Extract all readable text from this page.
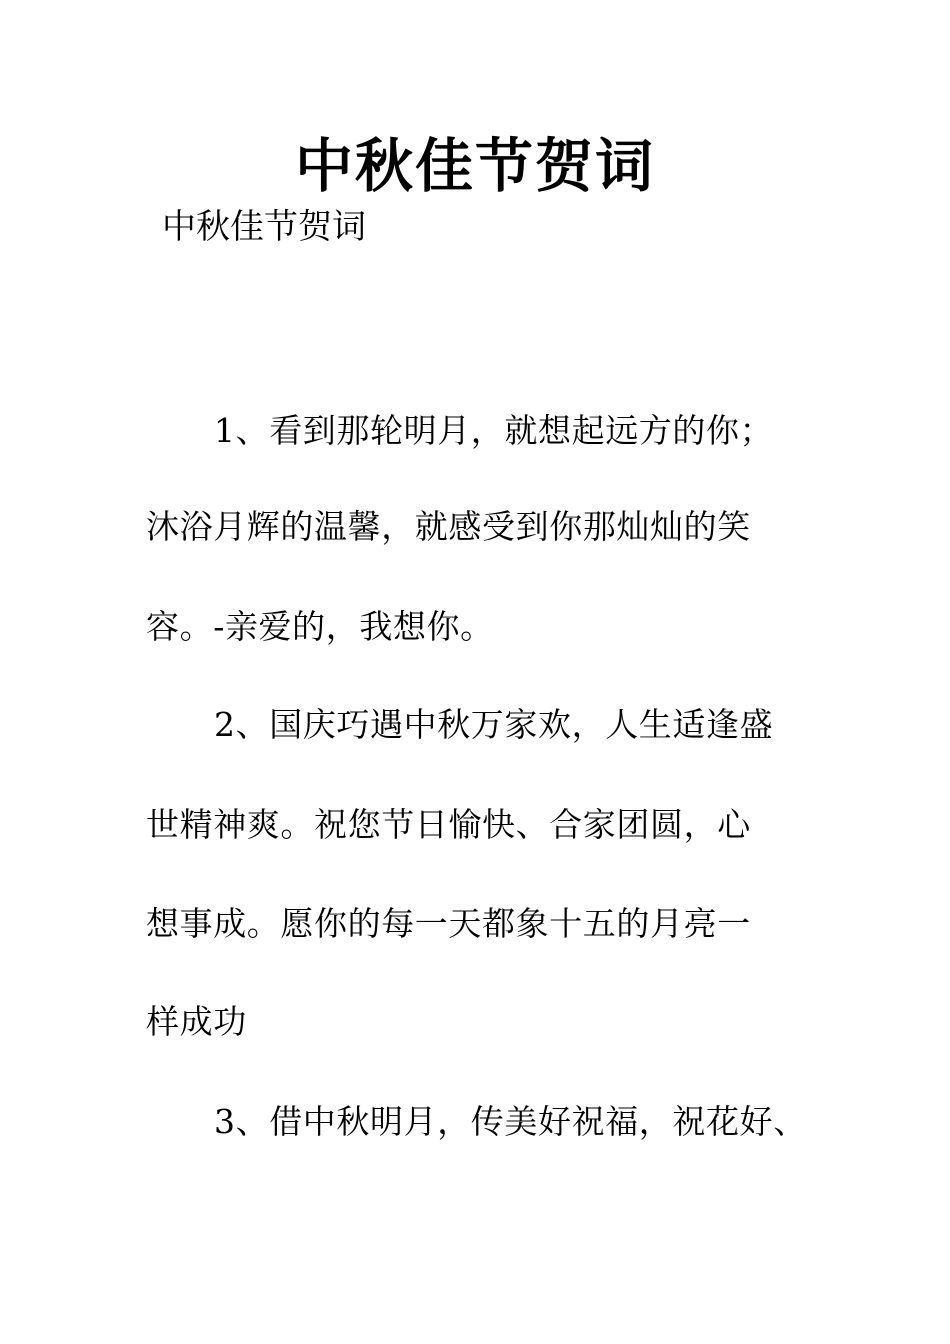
中秋佳节贺词
中秋佳节贺词
1、看到那轮明月，就想起远方的你；
沐浴月辉的温馨，就感受到你那灿灿的笑
容。-亲爱的，我想你。
2、国庆巧遇中秋万家欢，人生适逢盛
世精神爽。祝您节日愉快、合家团圆，心
想事成。愿你的每一天都象十五的月亮一
样成功
3、借中秋明月，传美好祝福，祝花好、
